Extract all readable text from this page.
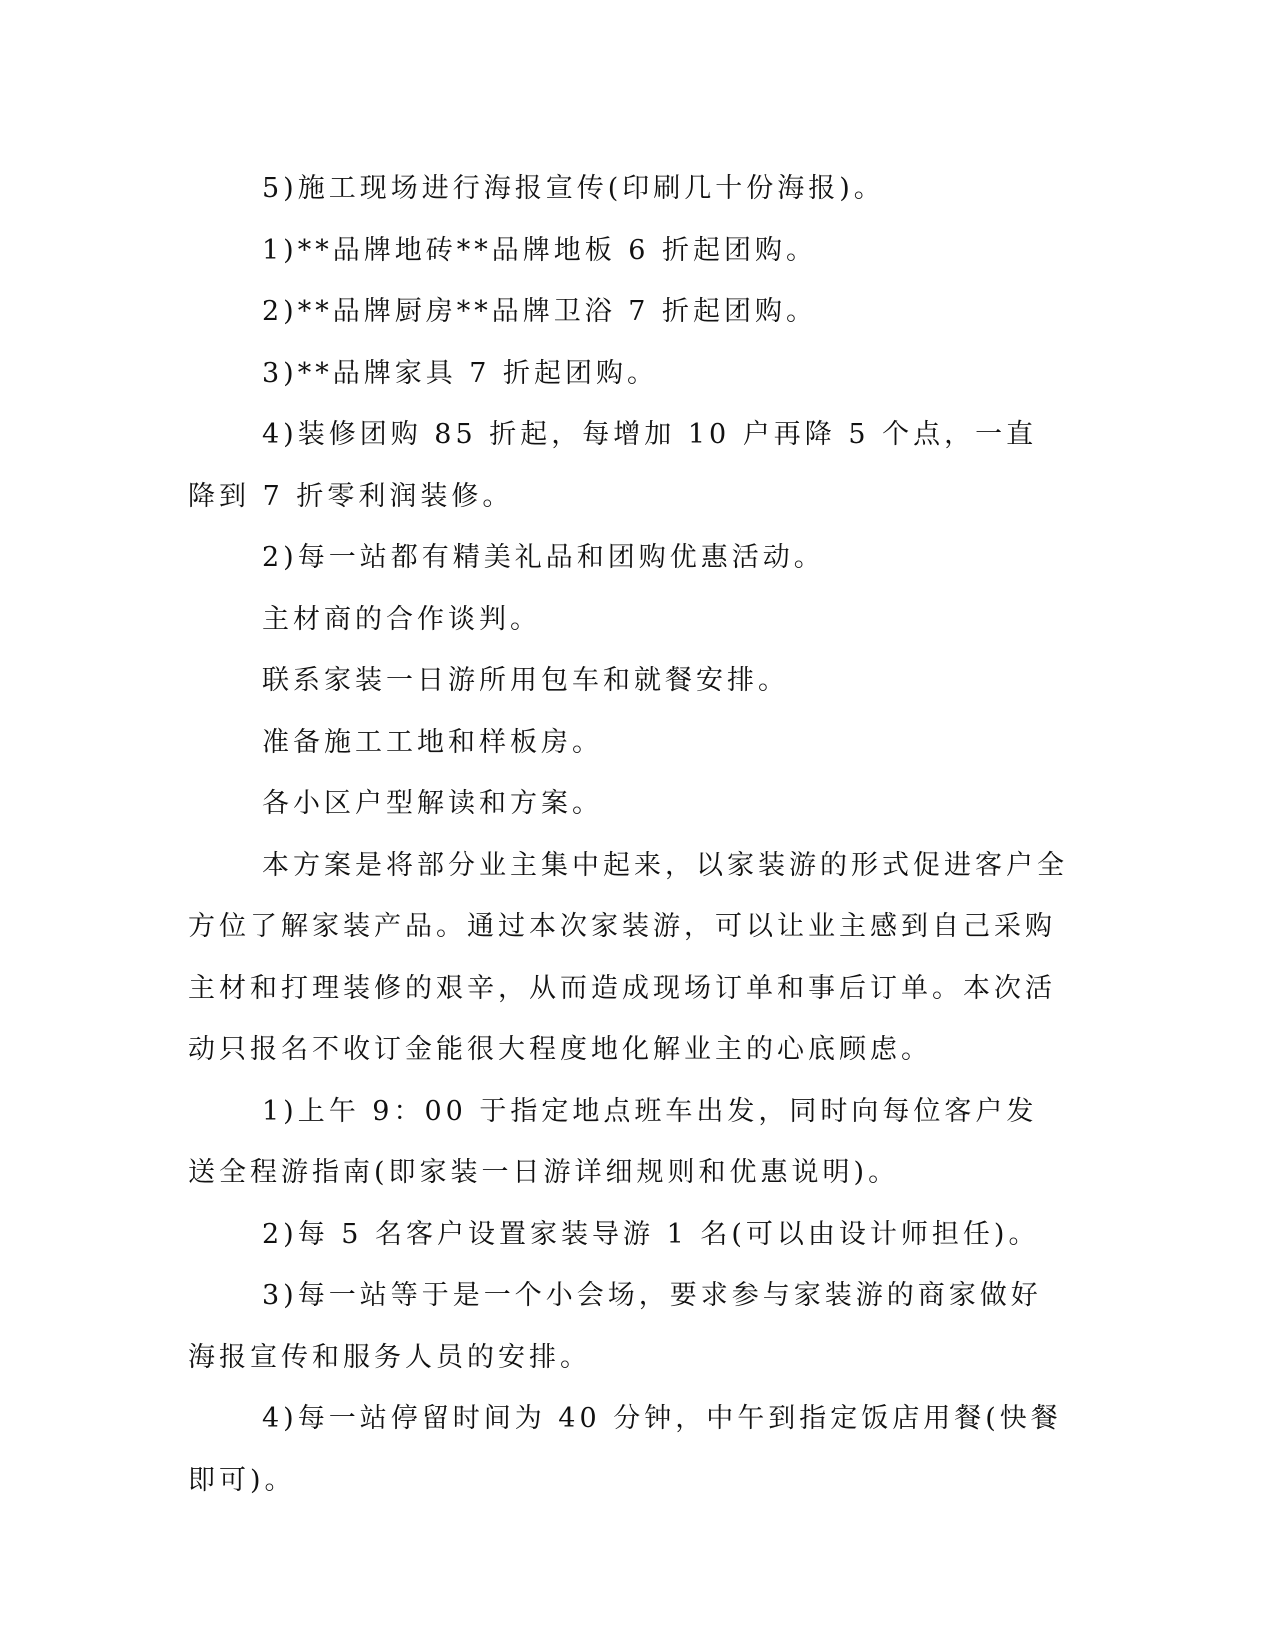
5)施工现场进行海报宣传(印刷几十份海报)。

1)**品牌地砖**品牌地板 6 折起团购。

2)**品牌厨房**品牌卫浴 7 折起团购。

3)**品牌家具 7 折起团购。

4)装修团购 85 折起，每增加 10 户再降 5 个点，一直降到 7 折零利润装修。

2)每一站都有精美礼品和团购优惠活动。

主材商的合作谈判。

联系家装一日游所用包车和就餐安排。

准备施工工地和样板房。

各小区户型解读和方案。

本方案是将部分业主集中起来，以家装游的形式促进客户全方位了解家装产品。通过本次家装游，可以让业主感到自己采购主材和打理装修的艰辛，从而造成现场订单和事后订单。本次活动只报名不收订金能很大程度地化解业主的心底顾虑。

1)上午 9：00 于指定地点班车出发，同时向每位客户发送全程游指南(即家装一日游详细规则和优惠说明)。

2)每 5 名客户设置家装导游 1 名(可以由设计师担任)。

3)每一站等于是一个小会场，要求参与家装游的商家做好海报宣传和服务人员的安排。

4)每一站停留时间为 40 分钟，中午到指定饭店用餐(快餐即可)。
